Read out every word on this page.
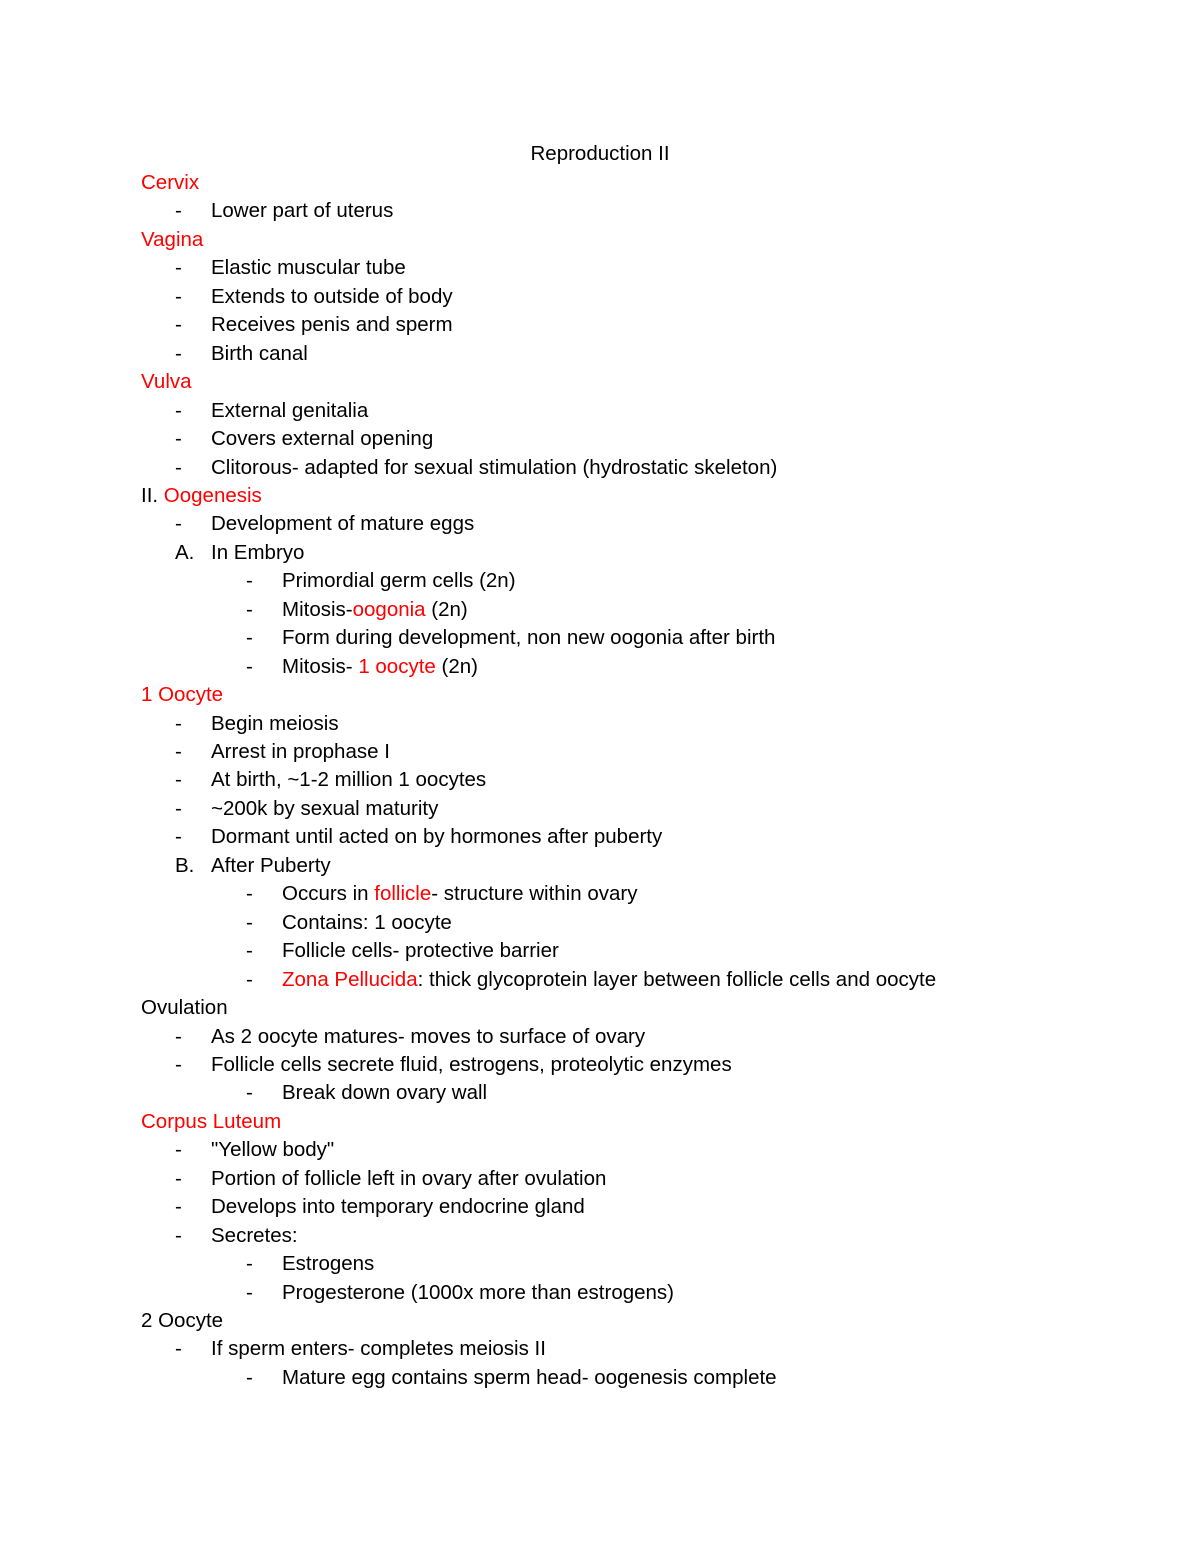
Reproduction II
Cervix
- Lower part of uterus
Vagina
- Elastic muscular tube
- Extends to outside of body
- Receives penis and sperm
- Birth canal
Vulva
- External genitalia
- Covers external opening
- Clitorous- adapted for sexual stimulation (hydrostatic skeleton)
II. Oogenesis
- Development of mature eggs
A. In Embryo
- Primordial germ cells (2n)
- Mitosis-oogonia (2n)
- Form during development, non new oogonia after birth
- Mitosis- 1 oocyte (2n)
1 Oocyte
- Begin meiosis
- Arrest in prophase I
- At birth, ~1-2 million 1 oocytes
- ~200k by sexual maturity
- Dormant until acted on by hormones after puberty
B. After Puberty
- Occurs in follicle- structure within ovary
- Contains: 1 oocyte
- Follicle cells- protective barrier
- Zona Pellucida: thick glycoprotein layer between follicle cells and oocyte
Ovulation
- As 2 oocyte matures- moves to surface of ovary
- Follicle cells secrete fluid, estrogens, proteolytic enzymes
- Break down ovary wall
Corpus Luteum
- "Yellow body"
- Portion of follicle left in ovary after ovulation
- Develops into temporary endocrine gland
- Secretes:
- Estrogens
- Progesterone (1000x more than estrogens)
2 Oocyte
- If sperm enters- completes meiosis II
- Mature egg contains sperm head- oogenesis complete
